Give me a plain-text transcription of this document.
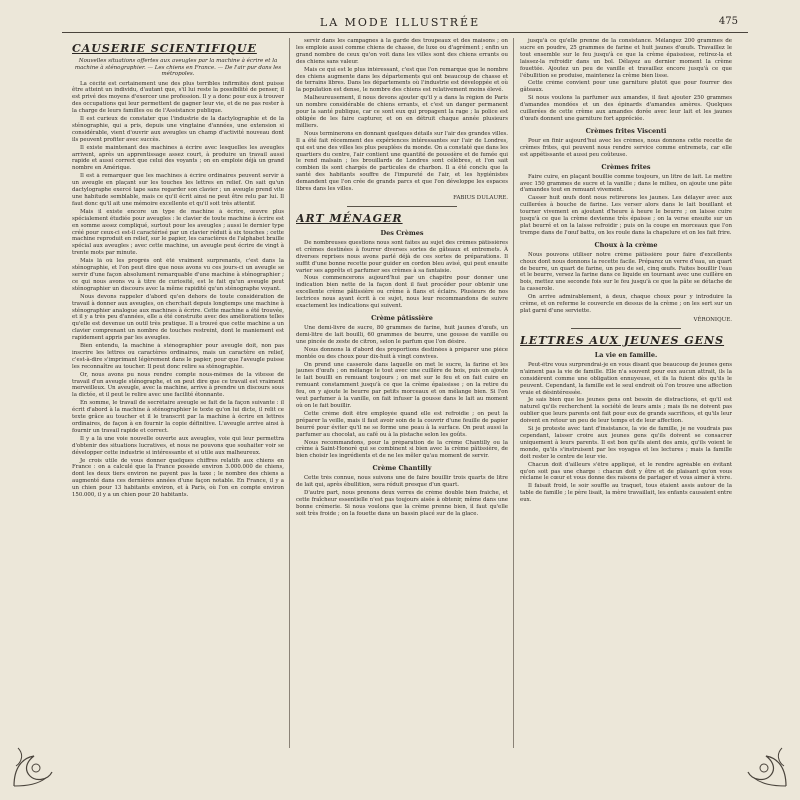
LA MODE ILLUSTRÉE	475
CAUSERIE SCIENTIFIQUE
Nouvelles situations offertes aux aveugles par la machine à écrire et la machine à sténographier. — Les chiens en France. — De l'air pur dans les métropoles.

La cécité est certainement une des plus terribles infirmités dont puisse être atteint un individu, d'autant que, s'il lui reste la possibilité de penser, il est privé des moyens d'exercer une profession. Il y a donc pour eux à trouver des occupations qui leur permettent de gagner leur vie, et de ne pas rester à la charge de leurs familles ou de l'Assistance publique.

Il est curieux de constater que l'industrie de la dactylographie et de la sténographie, qui a pris, depuis une vingtaine d'années, une extension si considérable, vient d'ouvrir aux aveugles un champ d'activité nouveau dont ils peuvent profiter avec succès.

Il existe maintenant des machines à écrire avec lesquelles les aveugles arrivent, après un apprentissage assez court, à produire un travail aussi rapide et aussi correct que celui des voyants ; on en emploie déjà un grand nombre en Amérique.

Il est à remarquer que les machines à écrire ordinaires peuvent servir à un aveugle en plaçant sur les touches les lettres en relief. On sait qu'un dactylographe exercé tape sans regarder son clavier ; un aveugle prend vite une habitude semblable, mais ce qu'il écrit ainsi ne peut être relu par lui. Il faut donc qu'il ait une mémoire excellente et qu'il soit très attentif.

Mais il existe encore un type de machine à écrire, œuvre plus spécialement étudiée pour aveugles : le clavier de toute machine à écrire est en somme assez compliqué, surtout pour les aveugles ; aussi le dernier type créé pour ceux-ci est-il caractérisé par un clavier réduit à six touches ; cette machine reproduit en relief, sur le papier, les caractères de l'alphabet braille spécial aux aveugles ; avec cette machine, un aveugle peut écrire de vingt à trente mots par minute.

Mais là où les progrès ont été vraiment surprenants, c'est dans la sténographie, et l'on peut dire que nous avons vu ces jours-ci un aveugle se servir d'une façon absolument remarquable d'une machine à sténographier ; ce qui nous avons vu à titre de curiosité, est le fait qu'un aveugle peut sténographier un discours avec la même rapidité qu'un sténographe voyant.

Nous devons rappeler d'abord qu'en dehors de toute considération de travail à donner aux aveugles, on cherchait depuis longtemps une machine à sténographier analogue aux machines à écrire. Cette machine a été trouvée, et il y a très peu d'années, elle a été construite avec des améliorations telles qu'elle est devenue un outil très pratique. Il a trouvé que cette machine a un clavier comprenant un nombre de touches restreint, dont le maniement est rapidement appris par les aveugles.

Bien entendu, la machine à sténographier pour aveugle doit, non pas inscrire les lettres ou caractères ordinaires, mais un caractère en relief, c'est-à-dire s'imprimant légèrement dans le papier, pour que l'aveugle puisse les reconnaître au toucher. Il peut donc relire sa sténographie.

Or, nous avons pu nous rendre compte nous-mêmes de la vitesse de travail d'un aveugle sténographe, et on peut dire que ce travail est vraiment merveilleux. Un aveugle, avec la machine, arrive à prendre un discours sous la dictée, et il peut le relire avec une facilité étonnante.

En somme, le travail de secrétaire aveugle se fait de la façon suivante : il écrit d'abord à la machine à sténographier le texte qu'on lui dicte, il relit ce texte grâce au toucher et il le transcrit par la machine à écrire en lettres ordinaires, de façon à en fournir la copie définitive. L'aveugle arrive ainsi à fournir un travail rapide et correct.

Il y a là une voie nouvelle ouverte aux aveugles, voie qui leur permettra d'obtenir des situations lucratives, et nous ne pouvons que souhaiter voir se développer cette industrie si intéressante et si utile aux malheureux.

Je crois utile de vous donner quelques chiffres relatifs aux chiens en France : on a calculé que la France possède environ 3.000.000 de chiens, dont les deux tiers environ ne payent pas la taxe ; le nombre des chiens a augmenté dans ces dernières années d'une façon notable. En France, il y a un chien pour 13 habitants environ, et à Paris, où l'on en compte environ 150.000, il y a un chien pour 20 habitants.

servir dans les campagnes à la garde des troupeaux et des maisons ; on les emploie aussi comme chiens de chasse, de luxe ou d'agrément ; enfin un grand nombre de ceux qu'on voit dans les villes sont des chiens errants ou des chiens sans valeur.

Mais ce qui est le plus intéressant, c'est que l'on remarque que le nombre des chiens augmente dans les départements qui ont beaucoup de chasse et de terrains libres. Dans les départements où l'industrie est développée et où la population est dense, le nombre des chiens est relativement moins élevé.

Malheureusement, il nous devons ajouter qu'il y a dans la région de Paris un nombre considérable de chiens errants, et c'est un danger permanent pour la santé publique, car ce sont eux qui propagent la rage ; la police est obligée de les faire capturer, et on en détruit chaque année plusieurs milliers.

Nous terminerons en donnant quelques détails sur l'air des grandes villes. Il a été fait récemment des expériences intéressantes sur l'air de Londres, qui est une des villes les plus peuplées du monde. On a constaté que dans les quartiers du centre, l'air contient une quantité de poussière et de fumée qui le rend malsain ; les brouillards de Londres sont célèbres, et l'on sait combien ils sont chargés de particules de charbon. Il a été conclu que la santé des habitants souffre de l'impureté de l'air, et les hygiénistes demandent que l'on crée de grands parcs et que l'on développe les espaces libres dans les villes.

FABIUS DULAURE.
ART MÉNAGER
Des Crèmes

De nombreuses questions nous sont faites au sujet des crèmes pâtissières et crèmes destinées à fourrer diverses sortes de gâteaux et entremets. À diverses reprises nous avons parlé déjà de ces sortes de préparations. Il suffit d'une bonne recette pour guider en cordon bleu avisé, qui peut ensuite varier ses apprêts et parfumer ses crèmes à sa fantaisie.

Nous commencerons aujourd'hui par un chapitre pour donner une indication bien nette de la façon dont il faut procéder pour obtenir une excellente crème pâtissière ou crème à flans et éclairs. Plusieurs de nos lectrices nous ayant écrit à ce sujet, nous leur recommandons de suivre exactement les indications qui suivent.

Crème pâtissière

Une demi-livre de sucre, 80 grammes de farine, huit jaunes d'œufs, un demi-litre de lait bouilli, 60 grammes de beurre, une gousse de vanille ou une pincée de zeste de citron, selon le parfum que l'on désire.

Nous donnons là d'abord des proportions destinées à préparer une pièce montée ou des choux pour dix-huit à vingt convives.

On prend une casserole dans laquelle on met le sucre, la farine et les jaunes d'œufs ; on mélange le tout avec une cuillère de bois, puis on ajoute le lait bouilli en remuant toujours ; on met sur le feu et on fait cuire en remuant constamment jusqu'à ce que la crème épaississe ; on la retire du feu, on y ajoute le beurre par petits morceaux et on mélange bien. Si l'on veut parfumer à la vanille, on fait infuser la gousse dans le lait au moment où on le fait bouillir.

Cette crème doit être employée quand elle est refroidie ; on peut la préparer la veille, mais il faut avoir soin de la couvrir d'une feuille de papier beurré pour éviter qu'il ne se forme une peau à la surface. On peut aussi la parfumer au chocolat, au café ou à la pistache selon les goûts.

Nous recommandons, pour la préparation de la crème Chantilly ou la crème à Saint-Honoré qui se combinent si bien avec la crème pâtissière, de bien choisir les ingrédients et de ne les mêler qu'au moment de servir.

Crème Chantilly

Cette très connue, nous suivons une de faire bouillir trois quarts de litre de lait qui, après ébullition, sera réduit presque d'un quart.

D'autre part, nous prenons deux verres de crème double bien fraîche, et cette fraîcheur essentielle n'est pas toujours aisée à obtenir, même dans une bonne crémerie. Si nous voulons que la crème prenne bien, il faut qu'elle soit très froide ; on la fouette dans un bassin placé sur de la glace.

jusqu'à ce qu'elle prenne de la consistance. Mélangez 200 grammes de sucre en poudre, 25 grammes de farine et huit jaunes d'œufs. Travaillez le tout ensemble sur le feu jusqu'à ce que la crème épaississe, retirez-la et laissez-la refroidir dans un bol. Délayez au dernier moment la crème fouettée. Ajoutez un peu de vanille et travaillez encore jusqu'à ce que l'ébullition se produise, maintenez la crème bien lisse.

Cette crème convient pour une garniture plutôt que pour fourrer des gâteaux.

Si nous voulons la parfumer aux amandes, il faut ajouter 250 grammes d'amandes mondées et un des épinards d'amandes amères. Quelques cuillerées de cette crème aux amandes dorée avec leur lait et les jaunes d'œufs donnent une garniture fort appréciée.

Crèmes frites Viscenti

Pour en finir aujourd'hui avec les crèmes, nous donnons cette recette de crèmes frites, qui peuvent nous rendre service comme entremets, car elle est appétissante et aussi peu coûteuse.

Crèmes frites

Faire cuire, en plaçant bouillie comme toujours, un litre de lait. Le mettre avec 150 grammes de sucre et la vanille ; dans le milieu, on ajoute une pâte d'amandes tout en remuant vivement.

Casser huit œufs dont nous retirerons les jaunes. Les délayer avec aux cuillerées à bouche de farine. Les verser alors dans le lait bouillant et tourner vivement en ajoutant d'heure à heure le beurre ; on laisse cuire jusqu'à ce que la crème devienne très épaisse ; on la verse ensuite sur un plat beurré et on la laisse refroidir ; puis on la coupe en morceaux que l'on trempe dans de l'œuf battu, on les roule dans la chapelure et on les fait frire.

Choux à la crème

Nous pouvons utiliser notre crème pâtissière pour faire d'excellents choux dont nous donnons la recette facile. Préparez un verre d'eau, un quart de beurre, un quart de farine, un peu de sel, cinq œufs. Faites bouillir l'eau et le beurre, versez la farine dans ce liquide en tournant avec une cuillère en bois, mettez une seconde fois sur le feu jusqu'à ce que la pâte se détache de la casserole.

On arrive admirablement, à deux, chaque choux pour y introduire la crème, et on referme le couvercle en dessus de la crème ; on les sert sur un plat garni d'une serviette.

VÉRONIQUE.
LETTRES AUX JEUNES GENS
La vie en famille.

Peut-être vous surprendrai-je en vous disant que beaucoup de jeunes gens n'aiment pas la vie de famille. Elle n'a souvent pour eux aucun attrait, ils la considèrent comme une obligation ennuyeuse, et ils la fuient dès qu'ils le peuvent. Cependant, la famille est le seul endroit où l'on trouve une affection vraie et désintéressée.

Je sais bien que les jeunes gens ont besoin de distractions, et qu'il est naturel qu'ils recherchent la société de leurs amis ; mais ils ne doivent pas oublier que leurs parents ont fait pour eux de grands sacrifices, et qu'ils leur doivent en retour un peu de leur temps et de leur affection.

Si je proteste avec tant d'insistance, la vie de famille, je ne voudrais pas cependant, laisser croire aux jeunes gens qu'ils doivent se consacrer uniquement à leurs parents. Il est bon qu'ils aient des amis, qu'ils voient le monde, qu'ils s'instruisent par les voyages et les lectures ; mais la famille doit rester le centre de leur vie.

Chacun doit d'ailleurs s'être appliqué, et le rendre agréable en évitant qu'on soit pas une charge : chacun doit y être et de plaisant qu'on vous réclame le cœur et vous donne des raisons de partager et vous aimer à vivre.

Il faisait froid, le soir souffle au traquet, tous étaient assis autour de la table de famille ; le père lisait, la mère travaillait, les enfants causaient entre eux.
